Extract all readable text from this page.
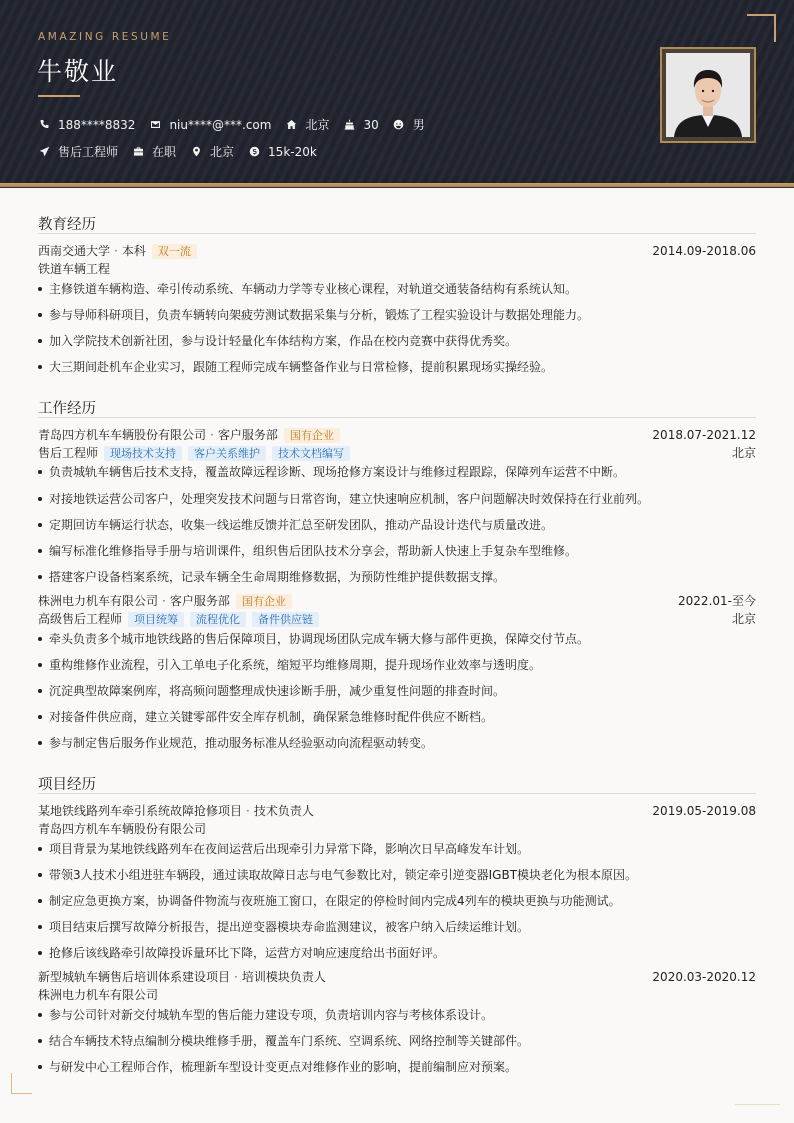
AMAZING RESUME
牛敬业
188****8832	niu****@***.com	北京	30	男
售后工程师	在职	北京	15k-20k
教育经历
西南交通大学 · 本科	双一流	2014.09-2018.06
铁道车辆工程
主修铁道车辆构造、牵引传动系统、车辆动力学等专业核心课程，对轨道交通装备结构有系统认知。
参与导师科研项目，负责车辆转向架疲劳测试数据采集与分析，锻炼了工程实验设计与数据处理能力。
加入学院技术创新社团，参与设计轻量化车体结构方案，作品在校内竞赛中获得优秀奖。
大三期间赴机车企业实习，跟随工程师完成车辆整备作业与日常检修，提前积累现场实操经验。
工作经历
青岛四方机车车辆股份有限公司 · 客户服务部	国有企业	2018.07-2021.12
售后工程师	现场技术支持	客户关系维护	技术文档编写	北京
负责城轨车辆售后技术支持，覆盖故障远程诊断、现场抢修方案设计与维修过程跟踪，保障列车运营不中断。
对接地铁运营公司客户，处理突发技术问题与日常咨询，建立快速响应机制，客户问题解决时效保持在行业前列。
定期回访车辆运行状态，收集一线运维反馈并汇总至研发团队，推动产品设计迭代与质量改进。
编写标准化维修指导手册与培训课件，组织售后团队技术分享会，帮助新人快速上手复杂车型维修。
搭建客户设备档案系统，记录车辆全生命周期维修数据，为预防性维护提供数据支撑。
株洲电力机车有限公司 · 客户服务部	国有企业	2022.01-至今
高级售后工程师	项目统筹	流程优化	备件供应链	北京
牵头负责多个城市地铁线路的售后保障项目，协调现场团队完成车辆大修与部件更换，保障交付节点。
重构维修作业流程，引入工单电子化系统，缩短平均维修周期，提升现场作业效率与透明度。
沉淀典型故障案例库，将高频问题整理成快速诊断手册，减少重复性问题的排查时间。
对接备件供应商，建立关键零部件安全库存机制，确保紧急维修时配件供应不断档。
参与制定售后服务作业规范，推动服务标准从经验驱动向流程驱动转变。
项目经历
某地铁线路列车牵引系统故障抢修项目 · 技术负责人	2019.05-2019.08
青岛四方机车车辆股份有限公司
项目背景为某地铁线路列车在夜间运营后出现牵引力异常下降，影响次日早高峰发车计划。
带领3人技术小组进驻车辆段，通过读取故障日志与电气参数比对，锁定牵引逆变器IGBT模块老化为根本原因。
制定应急更换方案，协调备件物流与夜班施工窗口，在限定的停检时间内完成4列车的模块更换与功能测试。
项目结束后撰写故障分析报告，提出逆变器模块寿命监测建议，被客户纳入后续运维计划。
抢修后该线路牵引故障投诉量环比下降，运营方对响应速度给出书面好评。
新型城轨车辆售后培训体系建设项目 · 培训模块负责人	2020.03-2020.12
株洲电力机车有限公司
参与公司针对新交付城轨车型的售后能力建设专项，负责培训内容与考核体系设计。
结合车辆技术特点编制分模块维修手册，覆盖车门系统、空调系统、网络控制等关键部件。
与研发中心工程师合作，梳理新车型设计变更点对维修作业的影响，提前编制应对预案。
